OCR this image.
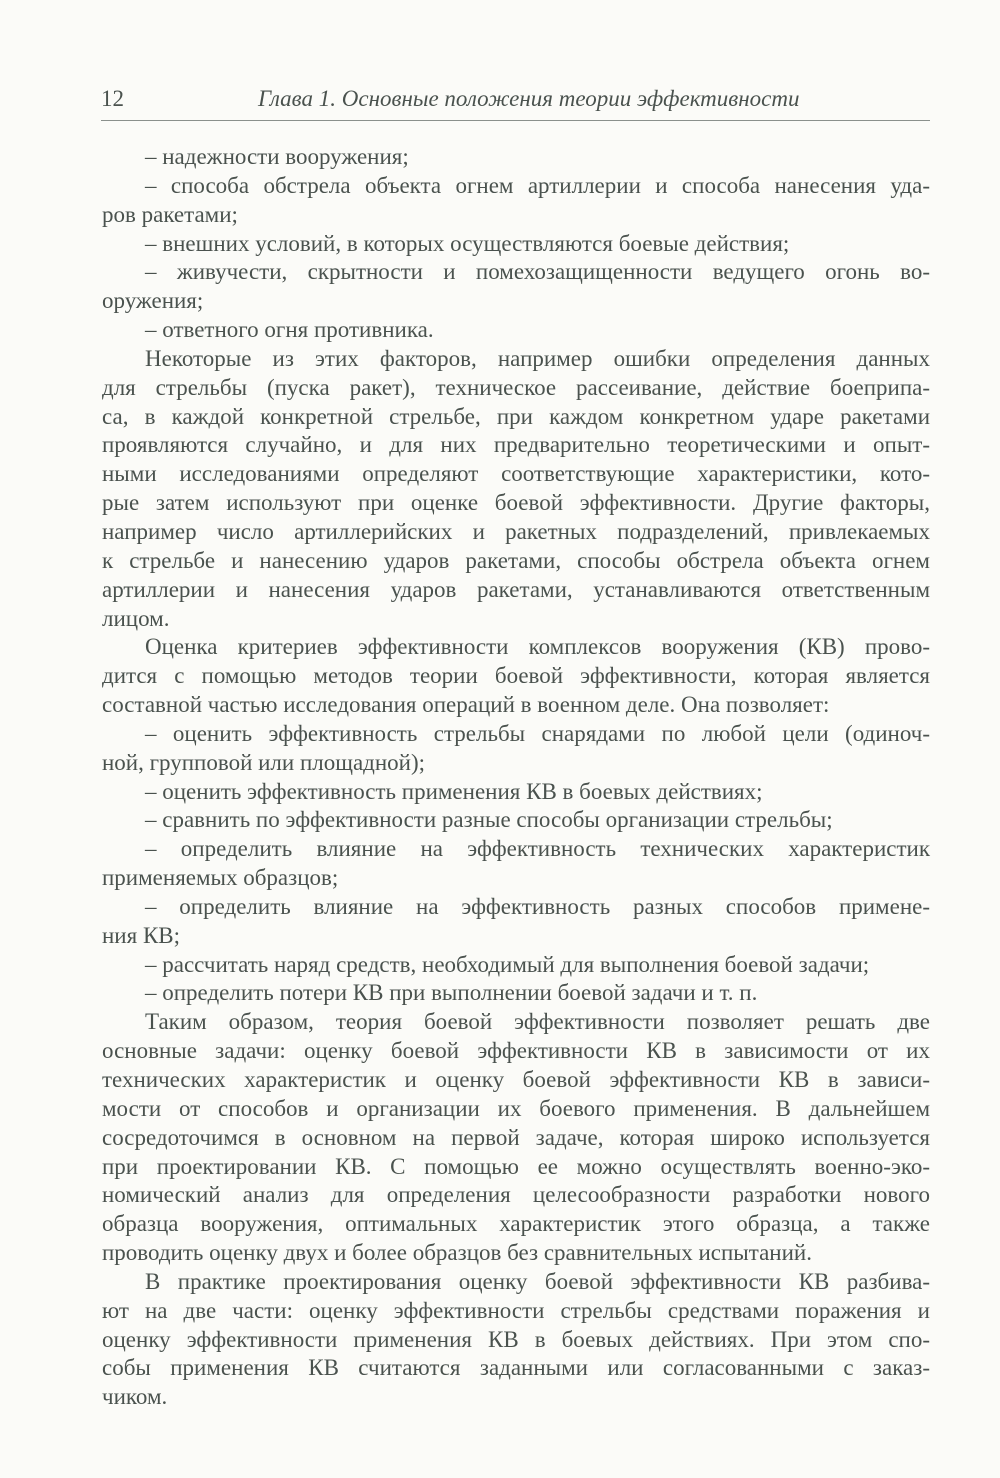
12	Глава 1. Основные положения теории эффективности
– надежности вооружения;
– способа обстрела объекта огнем артиллерии и способа нанесения уда-
ров ракетами;
– внешних условий, в которых осуществляются боевые действия;
– живучести, скрытности и помехозащищенности ведущего огонь во-
оружения;
– ответного огня противника.
Некоторые из этих факторов, например ошибки определения данных
для стрельбы (пуска ракет), техническое рассеивание, действие боеприпа-
са, в каждой конкретной стрельбе, при каждом конкретном ударе ракетами
проявляются случайно, и для них предварительно теоретическими и опыт-
ными исследованиями определяют соответствующие характеристики, кото-
рые затем используют при оценке боевой эффективности. Другие факторы,
например число артиллерийских и ракетных подразделений, привлекаемых
к стрельбе и нанесению ударов ракетами, способы обстрела объекта огнем
артиллерии и нанесения ударов ракетами, устанавливаются ответственным
лицом.
Оценка критериев эффективности комплексов вооружения (КВ) прово-
дится с помощью методов теории боевой эффективности, которая является
составной частью исследования операций в военном деле. Она позволяет:
– оценить эффективность стрельбы снарядами по любой цели (одиноч-
ной, групповой или площадной);
– оценить эффективность применения КВ в боевых действиях;
– сравнить по эффективности разные способы организации стрельбы;
– определить влияние на эффективность технических характеристик
применяемых образцов;
– определить влияние на эффективность разных способов примене-
ния КВ;
– рассчитать наряд средств, необходимый для выполнения боевой задачи;
– определить потери КВ при выполнении боевой задачи и т. п.
Таким образом, теория боевой эффективности позволяет решать две
основные задачи: оценку боевой эффективности КВ в зависимости от их
технических характеристик и оценку боевой эффективности КВ в зависи-
мости от способов и организации их боевого применения. В дальнейшем
сосредоточимся в основном на первой задаче, которая широко используется
при проектировании КВ. С помощью ее можно осуществлять военно-эко-
номический анализ для определения целесообразности разработки нового
образца вооружения, оптимальных характеристик этого образца, а также
проводить оценку двух и более образцов без сравнительных испытаний.
В практике проектирования оценку боевой эффективности КВ разбива-
ют на две части: оценку эффективности стрельбы средствами поражения и
оценку эффективности применения КВ в боевых действиях. При этом спо-
собы применения КВ считаются заданными или согласованными с заказ-
чиком.
